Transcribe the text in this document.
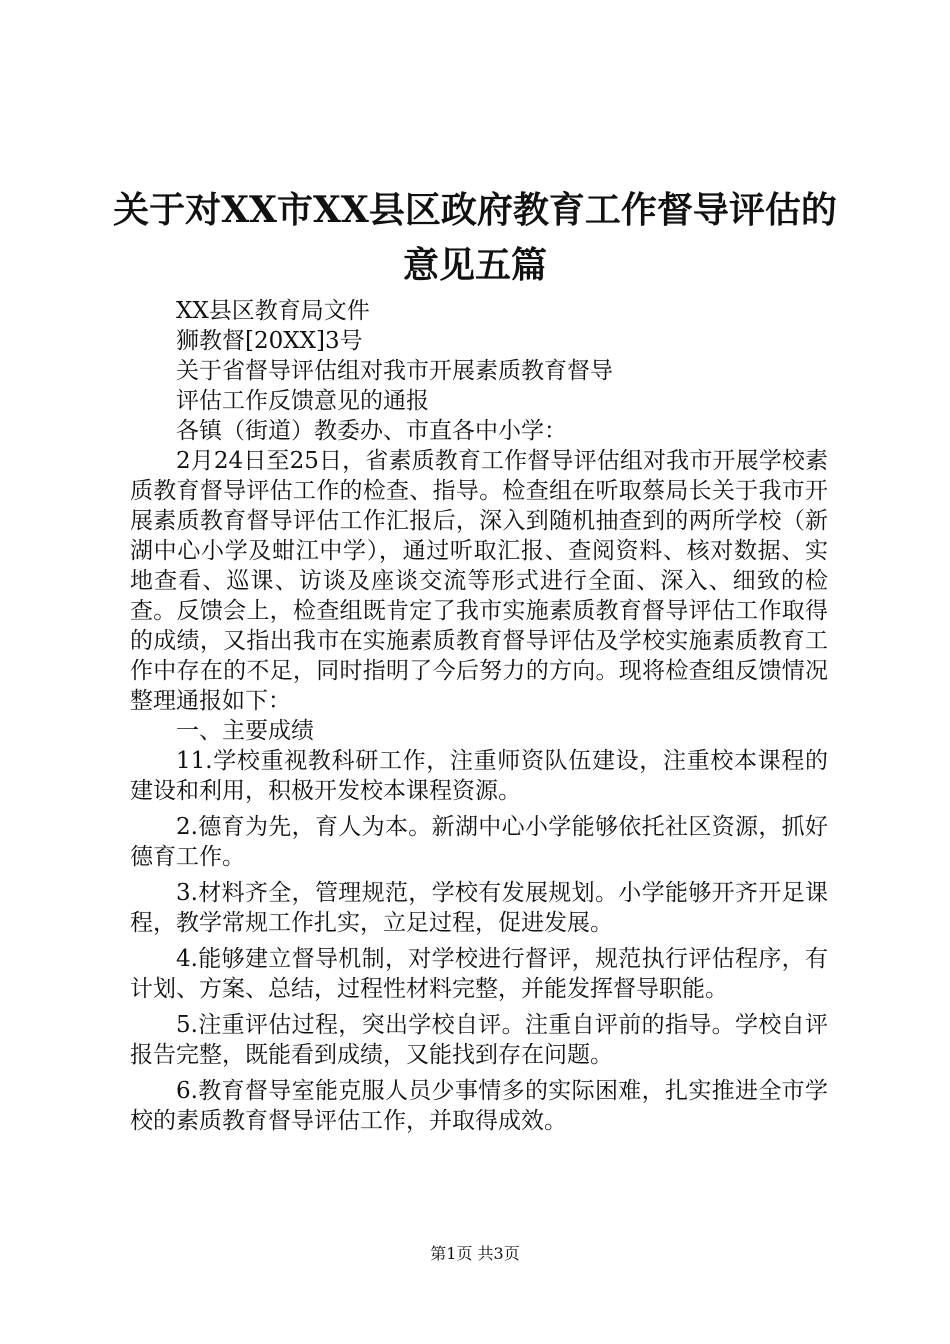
关于对XX市XX县区政府教育工作督导评估的
意见五篇

XX县区教育局文件

狮教督[20XX]3号

关于省督导评估组对我市开展素质教育督导

评估工作反馈意见的通报

各镇（街道）教委办、市直各中小学：

2月24日至25日，省素质教育工作督导评估组对我市开展学校素质教育督导评估工作的检查、指导。检查组在听取蔡局长关于我市开展素质教育督导评估工作汇报后，深入到随机抽查到的两所学校（新湖中心小学及蚶江中学），通过听取汇报、查阅资料、核对数据、实地查看、巡课、访谈及座谈交流等形式进行全面、深入、细致的检查。反馈会上，检查组既肯定了我市实施素质教育督导评估工作取得的成绩，又指出我市在实施素质教育督导评估及学校实施素质教育工作中存在的不足，同时指明了今后努力的方向。现将检查组反馈情况整理通报如下：

一、主要成绩

11.学校重视教科研工作，注重师资队伍建设，注重校本课程的建设和利用，积极开发校本课程资源。

2.德育为先，育人为本。新湖中心小学能够依托社区资源，抓好德育工作。

3.材料齐全，管理规范，学校有发展规划。小学能够开齐开足课程，教学常规工作扎实，立足过程，促进发展。

4.能够建立督导机制，对学校进行督评，规范执行评估程序，有计划、方案、总结，过程性材料完整，并能发挥督导职能。

5.注重评估过程，突出学校自评。注重自评前的指导。学校自评报告完整，既能看到成绩，又能找到存在问题。

6.教育督导室能克服人员少事情多的实际困难，扎实推进全市学校的素质教育督导评估工作，并取得成效。

第1页 共3页
